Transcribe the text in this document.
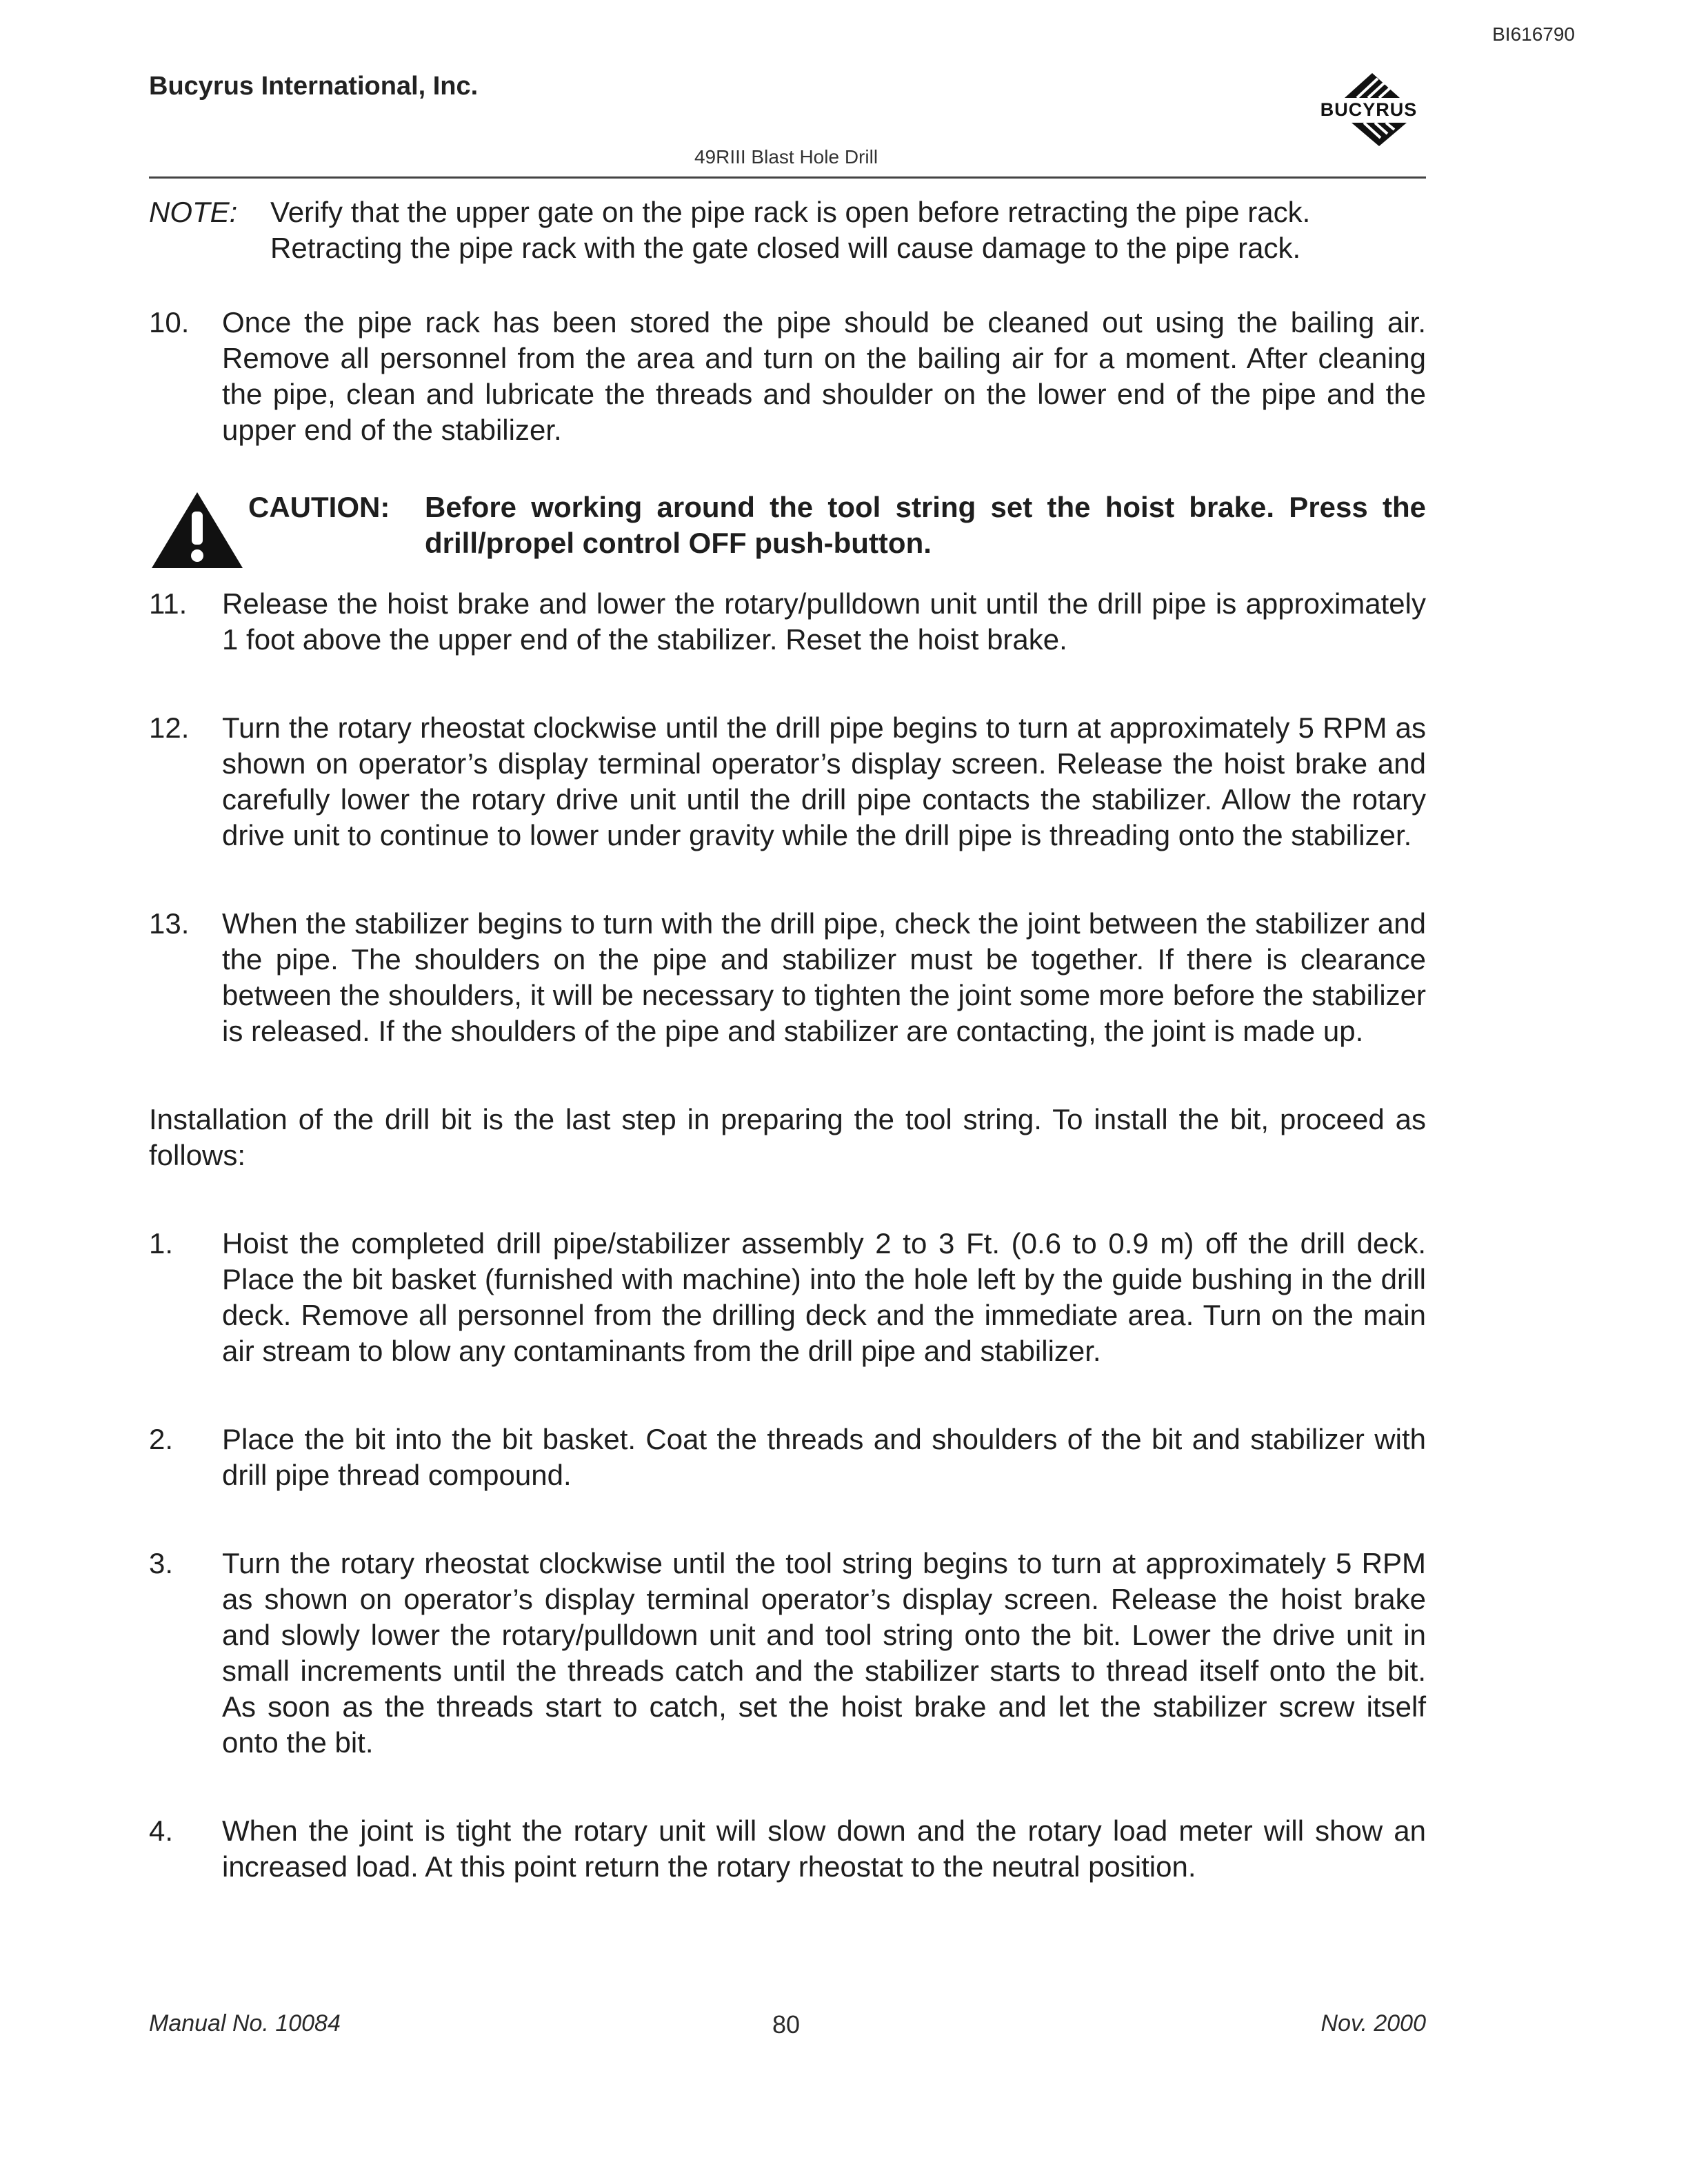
BI616790
Bucyrus International, Inc.
BUCYRUS
49RIII Blast Hole Drill
NOTE:	Verify that the upper gate on the pipe rack is open before retracting the pipe rack. Retracting the pipe rack with the gate closed will cause damage to the pipe rack.
10.	Once the pipe rack has been stored the pipe should be cleaned out using the bailing air. Remove all personnel from the area and turn on the bailing air for a moment. After cleaning the pipe, clean and lubricate the threads and shoulder on the lower end of the pipe and the upper end of the stabilizer.
CAUTION:	Before working around the tool string set the hoist brake. Press the drill/propel control OFF push-button.
11.	Release the hoist brake and lower the rotary/pulldown unit until the drill pipe is approximately 1 foot above the upper end of the stabilizer. Reset the hoist brake.
12.	Turn the rotary rheostat clockwise until the drill pipe begins to turn at approximately 5 RPM as shown on operator’s display terminal operator’s display screen. Release the hoist brake and carefully lower the rotary drive unit until the drill pipe contacts the stabilizer. Allow the rotary drive unit to continue to lower under gravity while the drill pipe is threading onto the stabilizer.
13.	When the stabilizer begins to turn with the drill pipe, check the joint between the stabilizer and the pipe. The shoulders on the pipe and stabilizer must be together. If there is clearance between the shoulders, it will be necessary to tighten the joint some more before the stabilizer is released. If the shoulders of the pipe and stabilizer are contacting, the joint is made up.
Installation of the drill bit is the last step in preparing the tool string. To install the bit, proceed as follows:
1.	Hoist the completed drill pipe/stabilizer assembly 2 to 3 Ft. (0.6 to 0.9 m) off the drill deck. Place the bit basket (furnished with machine) into the hole left by the guide bushing in the drill deck. Remove all personnel from the drilling deck and the immediate area. Turn on the main air stream to blow any contaminants from the drill pipe and stabilizer.
2.	Place the bit into the bit basket. Coat the threads and shoulders of the bit and stabilizer with drill pipe thread compound.
3.	Turn the rotary rheostat clockwise until the tool string begins to turn at approximately 5 RPM as shown on operator’s display terminal operator’s display screen. Release the hoist brake and slowly lower the rotary/pulldown unit and tool string onto the bit. Lower the drive unit in small increments until the threads catch and the stabilizer starts to thread itself onto the bit. As soon as the threads start to catch, set the hoist brake and let the stabilizer screw itself onto the bit.
4.	When the joint is tight the rotary unit will slow down and the rotary load meter will show an increased load. At this point return the rotary rheostat to the neutral position.
Manual No. 10084	80	Nov. 2000
